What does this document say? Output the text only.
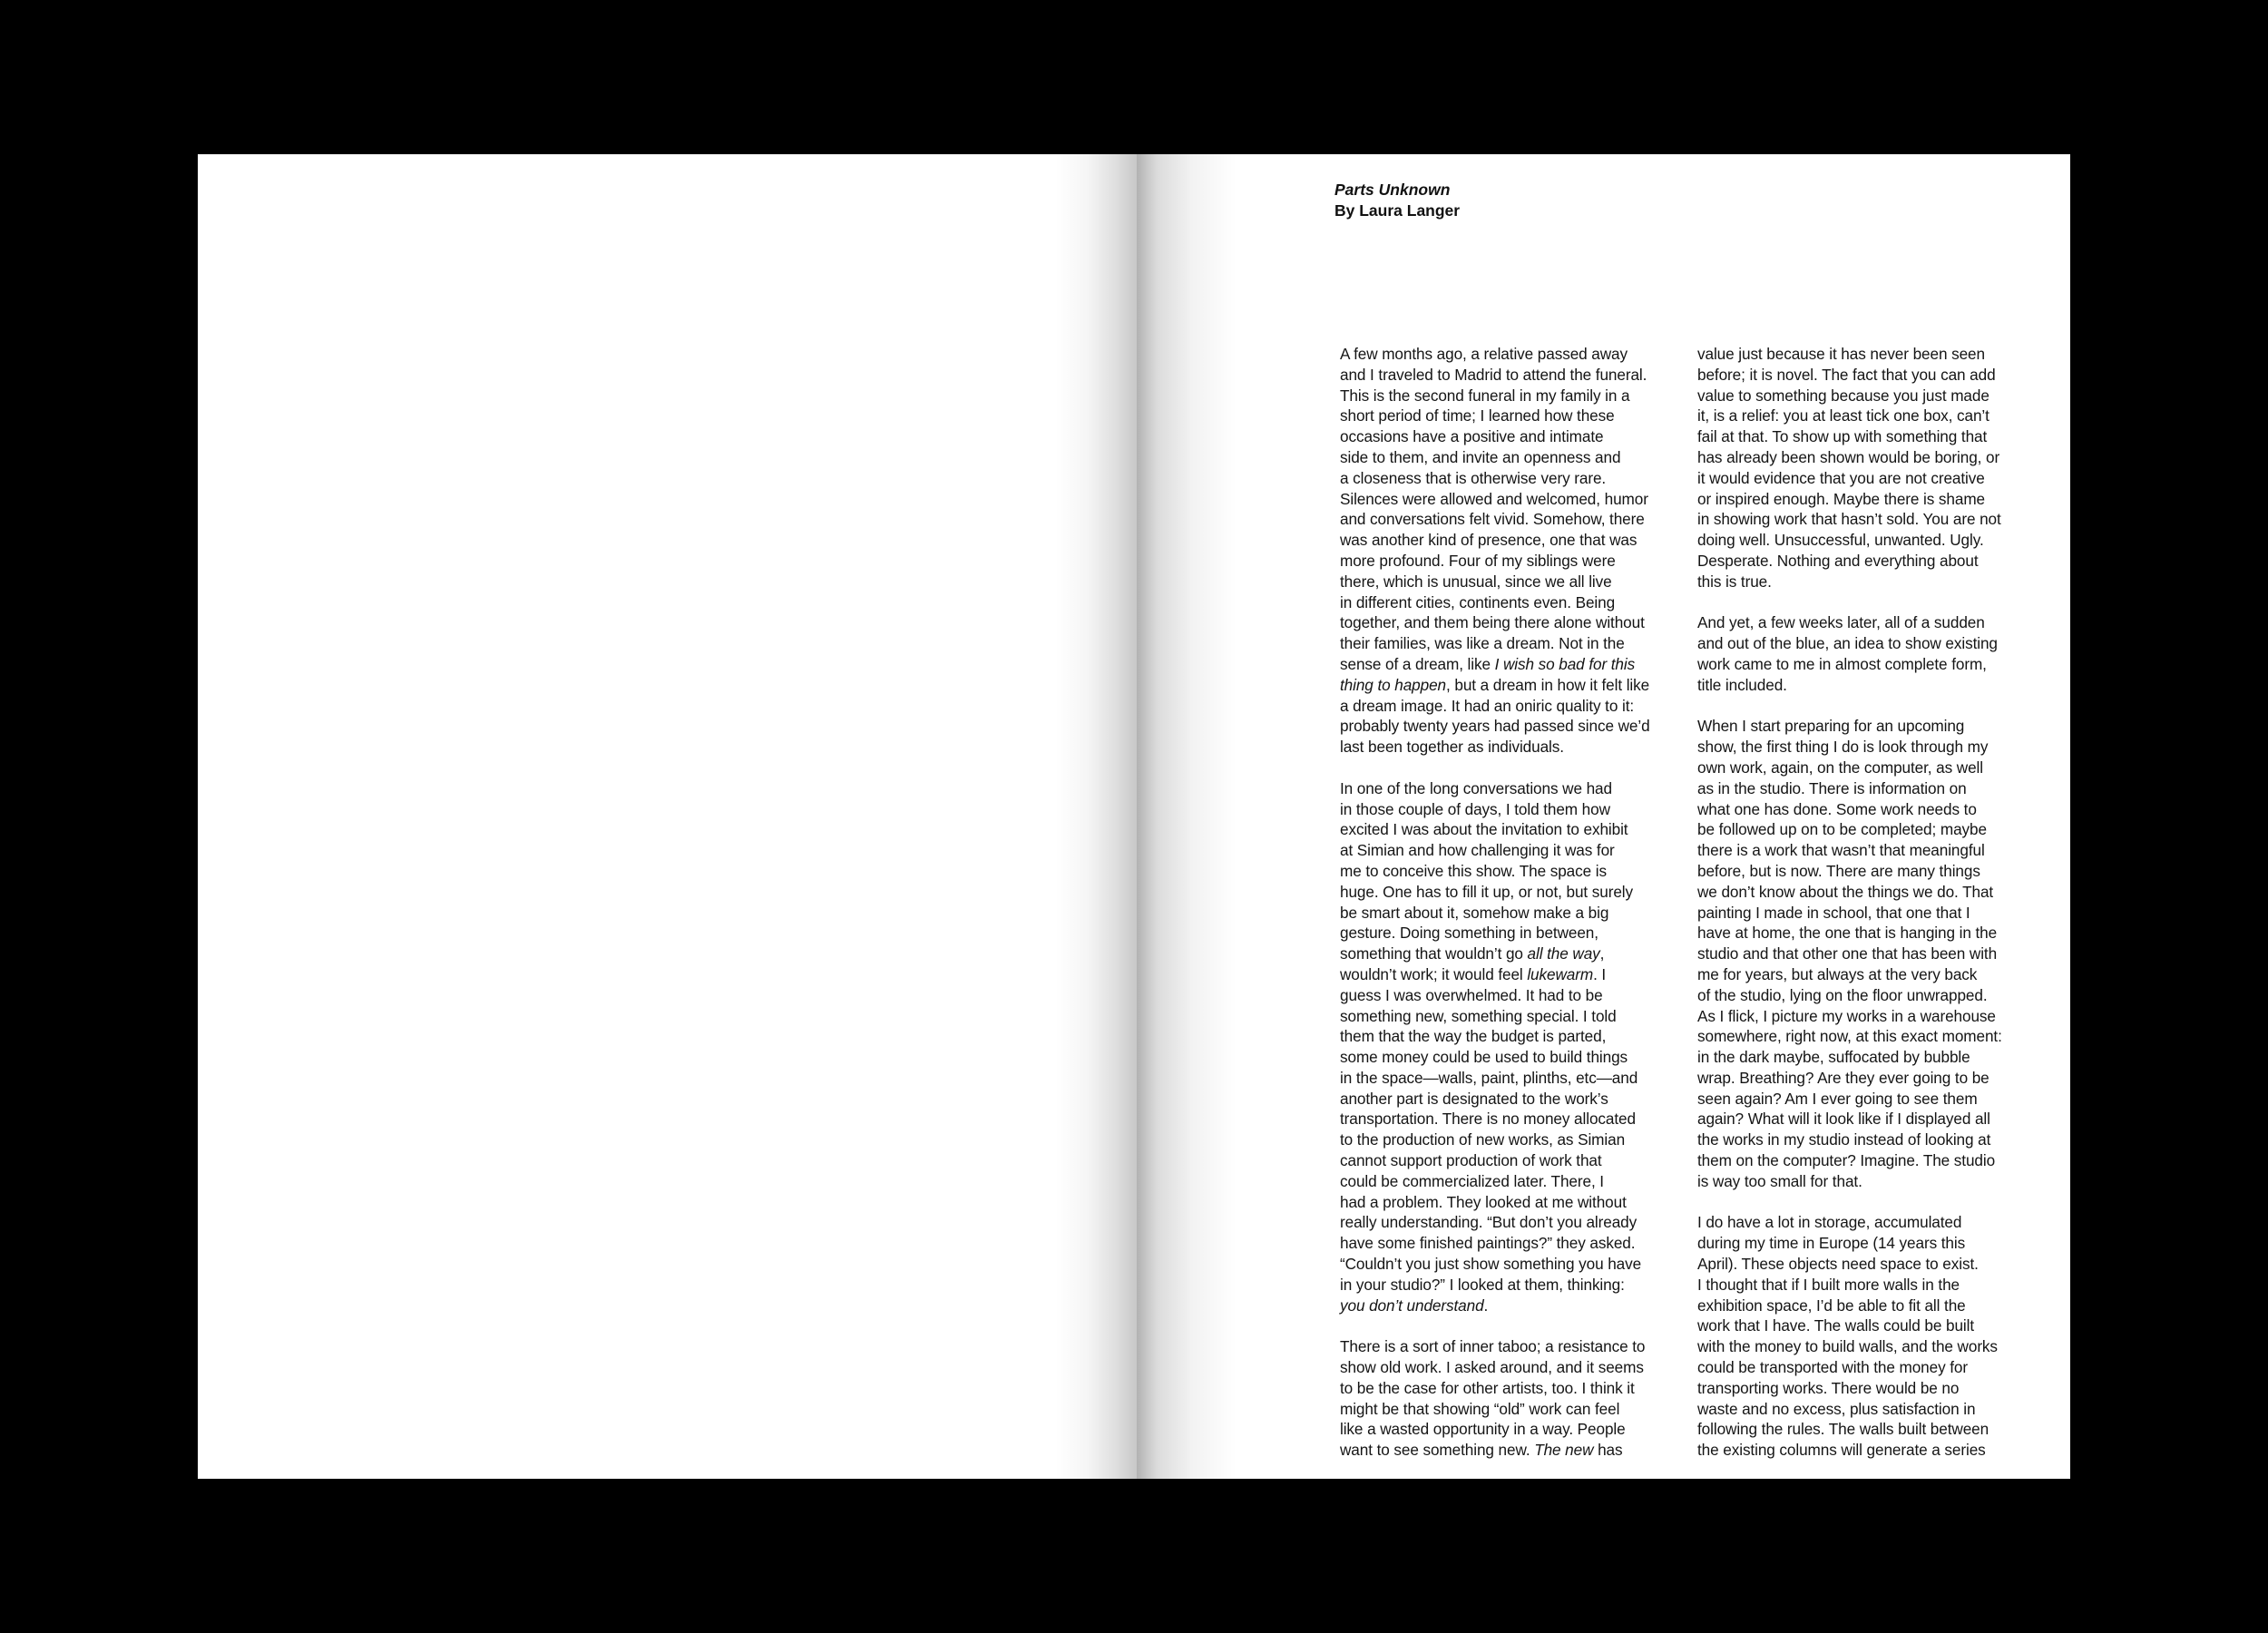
Parts Unknown
By Laura Langer
A few months ago, a relative passed away
and I traveled to Madrid to attend the funeral.
This is the second funeral in my family in a
short period of time; I learned how these
occasions have a positive and intimate
side to them, and invite an openness and
a closeness that is otherwise very rare.
Silences were allowed and welcomed, humor
and conversations felt vivid. Somehow, there
was another kind of presence, one that was
more profound. Four of my siblings were
there, which is unusual, since we all live
in different cities, continents even. Being
together, and them being there alone without
their families, was like a dream. Not in the
sense of a dream, like I wish so bad for this
thing to happen, but a dream in how it felt like
a dream image. It had an oniric quality to it:
probably twenty years had passed since we’d
last been together as individuals.

In one of the long conversations we had
in those couple of days, I told them how
excited I was about the invitation to exhibit
at Simian and how challenging it was for
me to conceive this show. The space is
huge. One has to fill it up, or not, but surely
be smart about it, somehow make a big
gesture. Doing something in between,
something that wouldn’t go all the way,
wouldn’t work; it would feel lukewarm. I
guess I was overwhelmed. It had to be
something new, something special. I told
them that the way the budget is parted,
some money could be used to build things
in the space—walls, paint, plinths, etc—and
another part is designated to the work’s
transportation. There is no money allocated
to the production of new works, as Simian
cannot support production of work that
could be commercialized later. There, I
had a problem. They looked at me without
really understanding. “But don’t you already
have some finished paintings?” they asked.
“Couldn’t you just show something you have
in your studio?” I looked at them, thinking:
you don’t understand.

There is a sort of inner taboo; a resistance to
show old work. I asked around, and it seems
to be the case for other artists, too. I think it
might be that showing “old” work can feel
like a wasted opportunity in a way. People
want to see something new. The new has
value just because it has never been seen
before; it is novel. The fact that you can add
value to something because you just made
it, is a relief: you at least tick one box, can’t
fail at that. To show up with something that
has already been shown would be boring, or
it would evidence that you are not creative
or inspired enough. Maybe there is shame
in showing work that hasn’t sold. You are not
doing well. Unsuccessful, unwanted. Ugly.
Desperate. Nothing and everything about
this is true.

And yet, a few weeks later, all of a sudden
and out of the blue, an idea to show existing
work came to me in almost complete form,
title included.

When I start preparing for an upcoming
show, the first thing I do is look through my
own work, again, on the computer, as well
as in the studio. There is information on
what one has done. Some work needs to
be followed up on to be completed; maybe
there is a work that wasn’t that meaningful
before, but is now. There are many things
we don’t know about the things we do. That
painting I made in school, that one that I
have at home, the one that is hanging in the
studio and that other one that has been with
me for years, but always at the very back
of the studio, lying on the floor unwrapped.
As I flick, I picture my works in a warehouse
somewhere, right now, at this exact moment:
in the dark maybe, suffocated by bubble
wrap. Breathing? Are they ever going to be
seen again? Am I ever going to see them
again? What will it look like if I displayed all
the works in my studio instead of looking at
them on the computer? Imagine. The studio
is way too small for that.

I do have a lot in storage, accumulated
during my time in Europe (14 years this
April). These objects need space to exist.
I thought that if I built more walls in the
exhibition space, I’d be able to fit all the
work that I have. The walls could be built
with the money to build walls, and the works
could be transported with the money for
transporting works. There would be no
waste and no excess, plus satisfaction in
following the rules. The walls built between
the existing columns will generate a series
